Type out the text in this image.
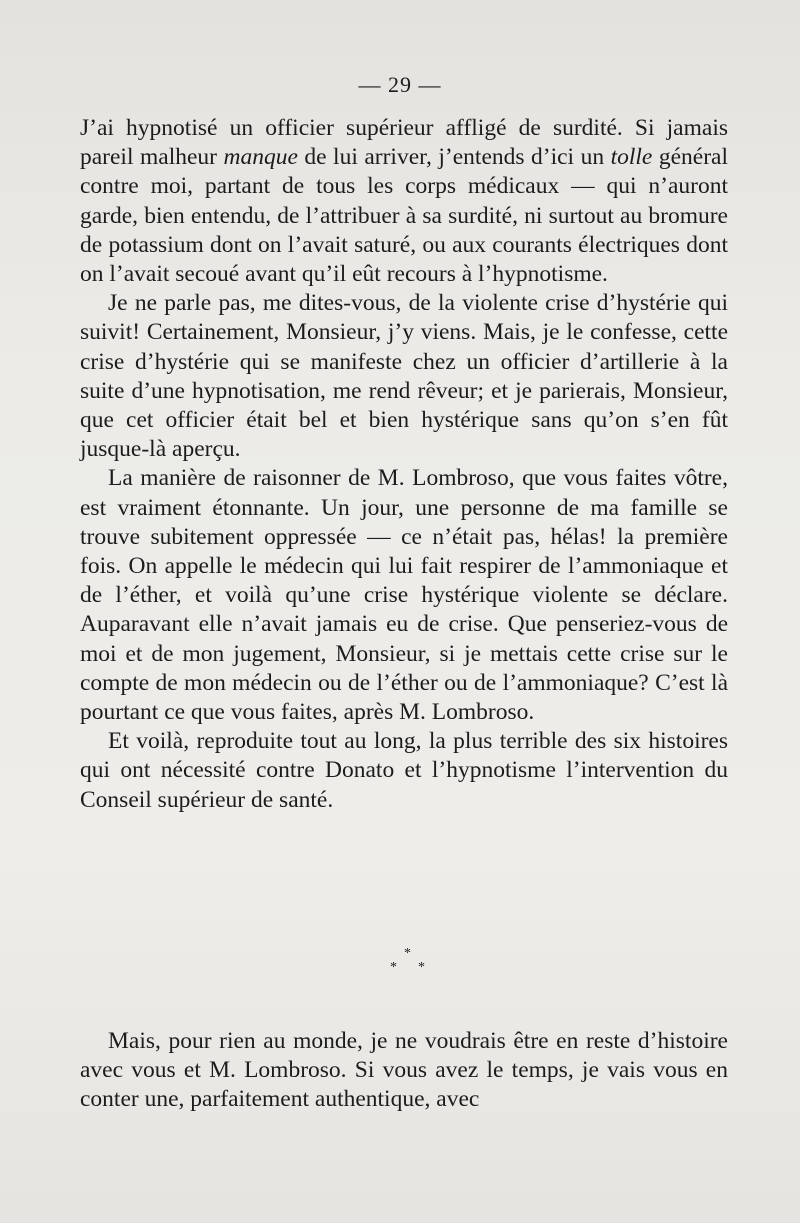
— 29 —

J’ai hypnotisé un officier supérieur affligé de surdité. Si jamais pareil malheur manque de lui arriver, j’entends d’ici un tolle général contre moi, partant de tous les corps médicaux — qui n’auront garde, bien entendu, de l’attribuer à sa surdité, ni surtout au bromure de potassium dont on l’avait saturé, ou aux courants électriques dont on l’avait secoué avant qu’il eût recours à l’hypnotisme.

Je ne parle pas, me dites-vous, de la violente crise d’hystérie qui suivit! Certainement, Monsieur, j’y viens. Mais, je le confesse, cette crise d’hystérie qui se manifeste chez un officier d’artillerie à la suite d’une hypnotisation, me rend rêveur; et je parierais, Monsieur, que cet officier était bel et bien hystérique sans qu’on s’en fût jusque-là aperçu.

La manière de raisonner de M. Lombroso, que vous faites vôtre, est vraiment étonnante. Un jour, une personne de ma famille se trouve subitement oppressée — ce n’était pas, hélas! la première fois. On appelle le médecin qui lui fait respirer de l’ammoniaque et de l’éther, et voilà qu’une crise hystérique violente se déclare. Auparavant elle n’avait jamais eu de crise. Que penseriez-vous de moi et de mon jugement, Monsieur, si je mettais cette crise sur le compte de mon médecin ou de l’éther ou de l’ammoniaque? C’est là pourtant ce que vous faites, après M. Lombroso.

Et voilà, reproduite tout au long, la plus terrible des six histoires qui ont nécessité contre Donato et l’hypnotisme l’intervention du Conseil supérieur de santé.

*
* *

Mais, pour rien au monde, je ne voudrais être en reste d’histoire avec vous et M. Lombroso. Si vous avez le temps, je vais vous en conter une, parfaitement authentique, avec
